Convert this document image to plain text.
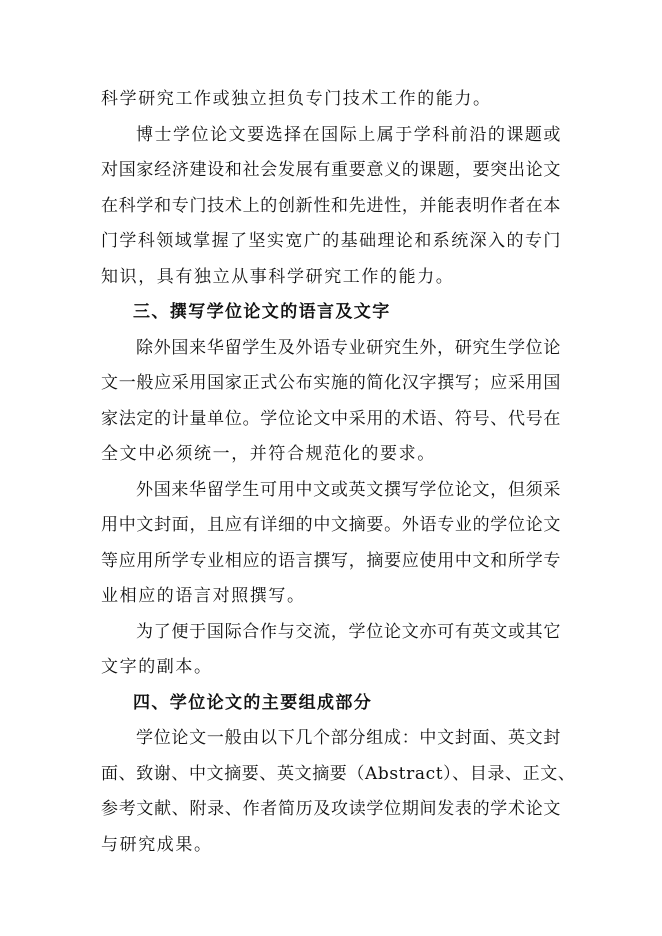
科学研究工作或独立担负专门技术工作的能力。
博士学位论文要选择在国际上属于学科前沿的课题或
对国家经济建设和社会发展有重要意义的课题，要突出论文
在科学和专门技术上的创新性和先进性，并能表明作者在本
门学科领域掌握了坚实宽广的基础理论和系统深入的专门
知识，具有独立从事科学研究工作的能力。
三、撰写学位论文的语言及文字
除外国来华留学生及外语专业研究生外，研究生学位论
文一般应采用国家正式公布实施的简化汉字撰写；应采用国
家法定的计量单位。学位论文中采用的术语、符号、代号在
全文中必须统一，并符合规范化的要求。
外国来华留学生可用中文或英文撰写学位论文，但须采
用中文封面，且应有详细的中文摘要。外语专业的学位论文
等应用所学专业相应的语言撰写，摘要应使用中文和所学专
业相应的语言对照撰写。
为了便于国际合作与交流，学位论文亦可有英文或其它
文字的副本。
四、学位论文的主要组成部分
学位论文一般由以下几个部分组成：中文封面、英文封
面、致谢、中文摘要、英文摘要（Abstract）、目录、正文、
参考文献、附录、作者简历及攻读学位期间发表的学术论文
与研究成果。
